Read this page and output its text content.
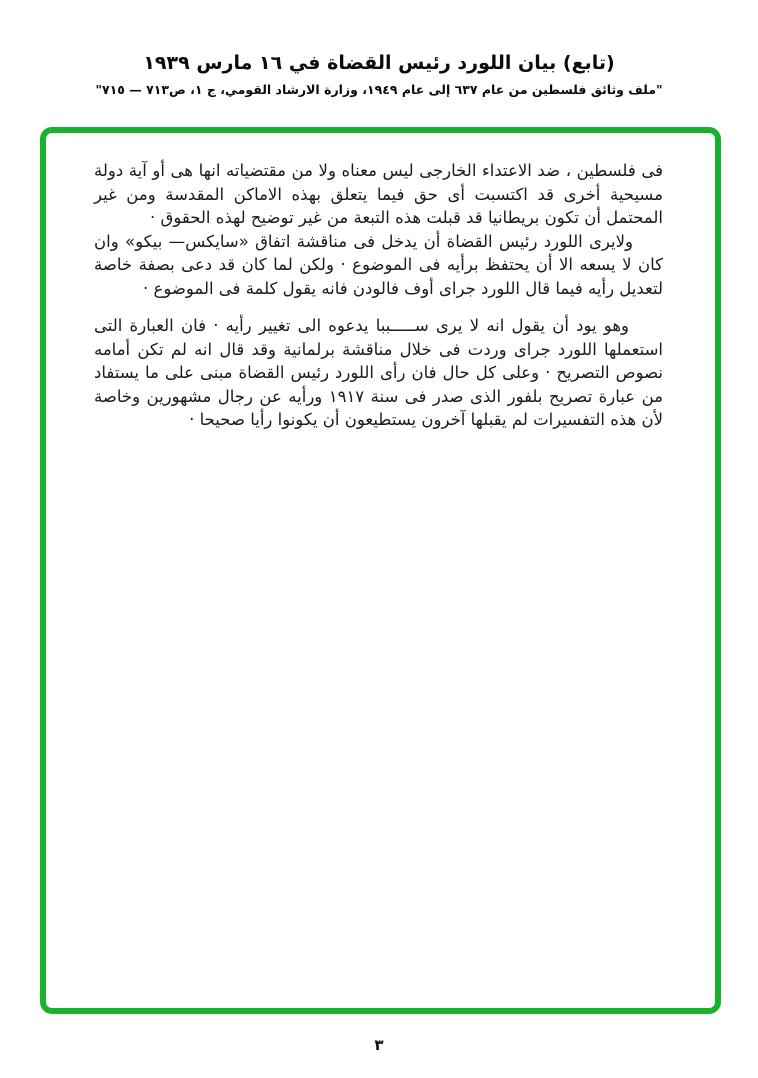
(تابع) بيان اللورد رئيس القضاة في ١٦ مارس ١٩٣٩

"ملف وثائق فلسطين من عام ٦٣٧ إلى عام ١٩٤٩، وزارة الارشاد القومي، ج ١، ص٧١٣ — ٧١٥"

فى فلسطين ، ضد الاعتداء الخارجى ليس معناه ولا من مقتضياته انها هى أو آية دولة مسيحية أخرى قد اكتسبت أى حق فيما يتعلق بهذه الاماكن المقدسة ومن غير المحتمل أن تكون بريطانيا قد قبلت هذه التبعة من غير توضيح لهذه الحقوق ·

ولايرى اللورد رئيس القضاة أن يدخل فى مناقشة اتفاق «سايكس— بيكو» وان كان لا يسعه الا أن يحتفظ برأيه فى الموضوع · ولكن لما كان قد دعى بصفة خاصة لتعديل رأيه فيما قال اللورد جراى أوف فالودن فانه يقول كلمة فى الموضوع ·

وهو يود أن يقول انه لا يرى ســـــببا يدعوه الى تغيير رأيه · فان العبارة التى استعملها اللورد جراى وردت فى خلال مناقشة برلمانية وقد قال انه لم تكن أمامه نصوص التصريح · وعلى كل حال فان رأى اللورد رئيس القضاة مبنى على ما يستفاد من عبارة تصريح بلفور الذى صدر فى سنة ١٩١٧ ورأيه عن رجال مشهورين وخاصة لأن هذه التفسيرات لم يقبلها آخرون يستطيعون أن يكونوا رأيا صحيحا ·

٣
